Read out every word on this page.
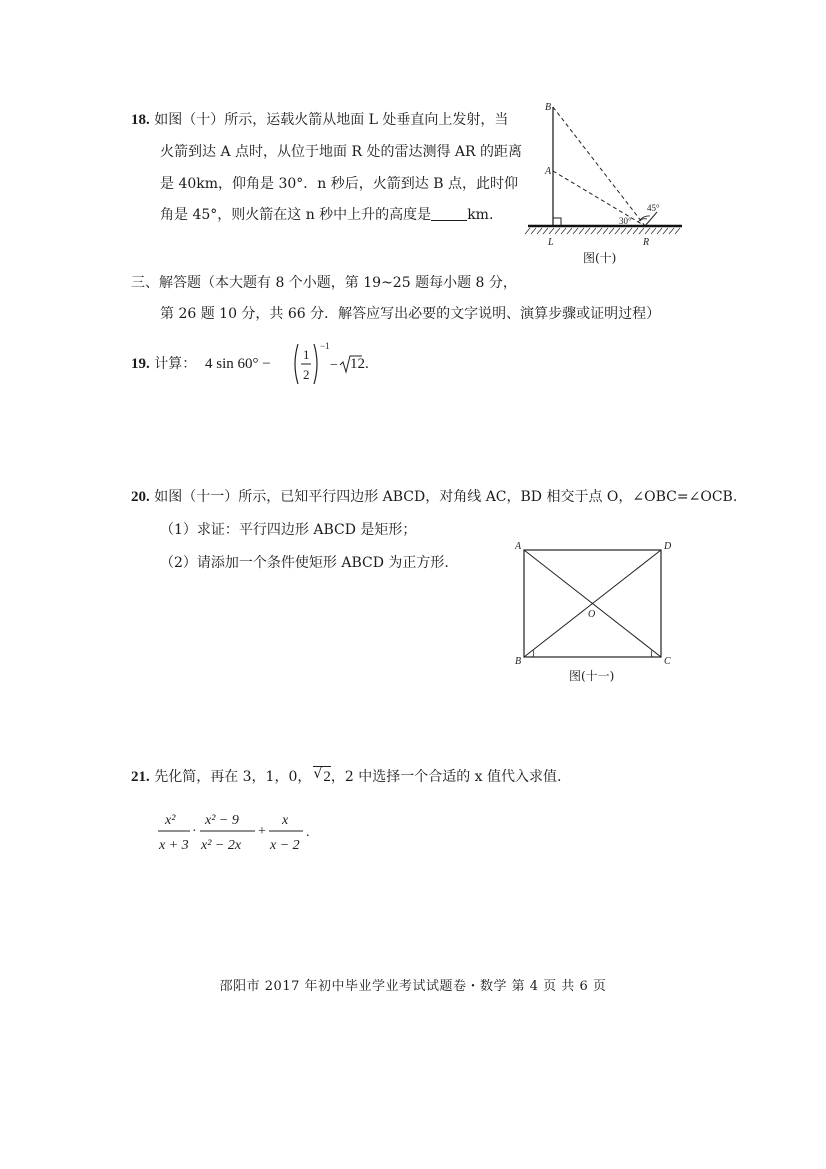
18. 如图（十）所示，运载火箭从地面 L 处垂直向上发射，当
火箭到达 A 点时，从位于地面 R 处的雷达测得 AR 的距离
是 40km，仰角是 30°．n 秒后，火箭到达 B 点，此时仰
角是 45°，则火箭在这 n 秒中上升的高度是	km.
B
A
L	R
30°
45°
图(十)
三、解答题（本大题有 8 个小题，第 19~25 题每小题 8 分，
第 26 题 10 分，共 66 分．解答应写出必要的文字说明、演算步骤或证明过程）
19. 计算： 4 sin 60° −
1
2
−1
− 12.
20. 如图（十一）所示，已知平行四边形 ABCD，对角线 AC，BD 相交于点 O，∠OBC=∠OCB.
（1）求证：平行四边形 ABCD 是矩形；
（2）请添加一个条件使矩形 ABCD 为正方形.
A	D
B	C
O
图(十一)
21. 先化简，再在 3，1，0， √ 2，2 中选择一个合适的 x 值代入求值.
x²
x + 3
·
x² − 9
x² − 2x
+
x
x − 2
.
邵阳市 2017 年初中毕业学业考试试题卷・数学 第 4 页 共 6 页
